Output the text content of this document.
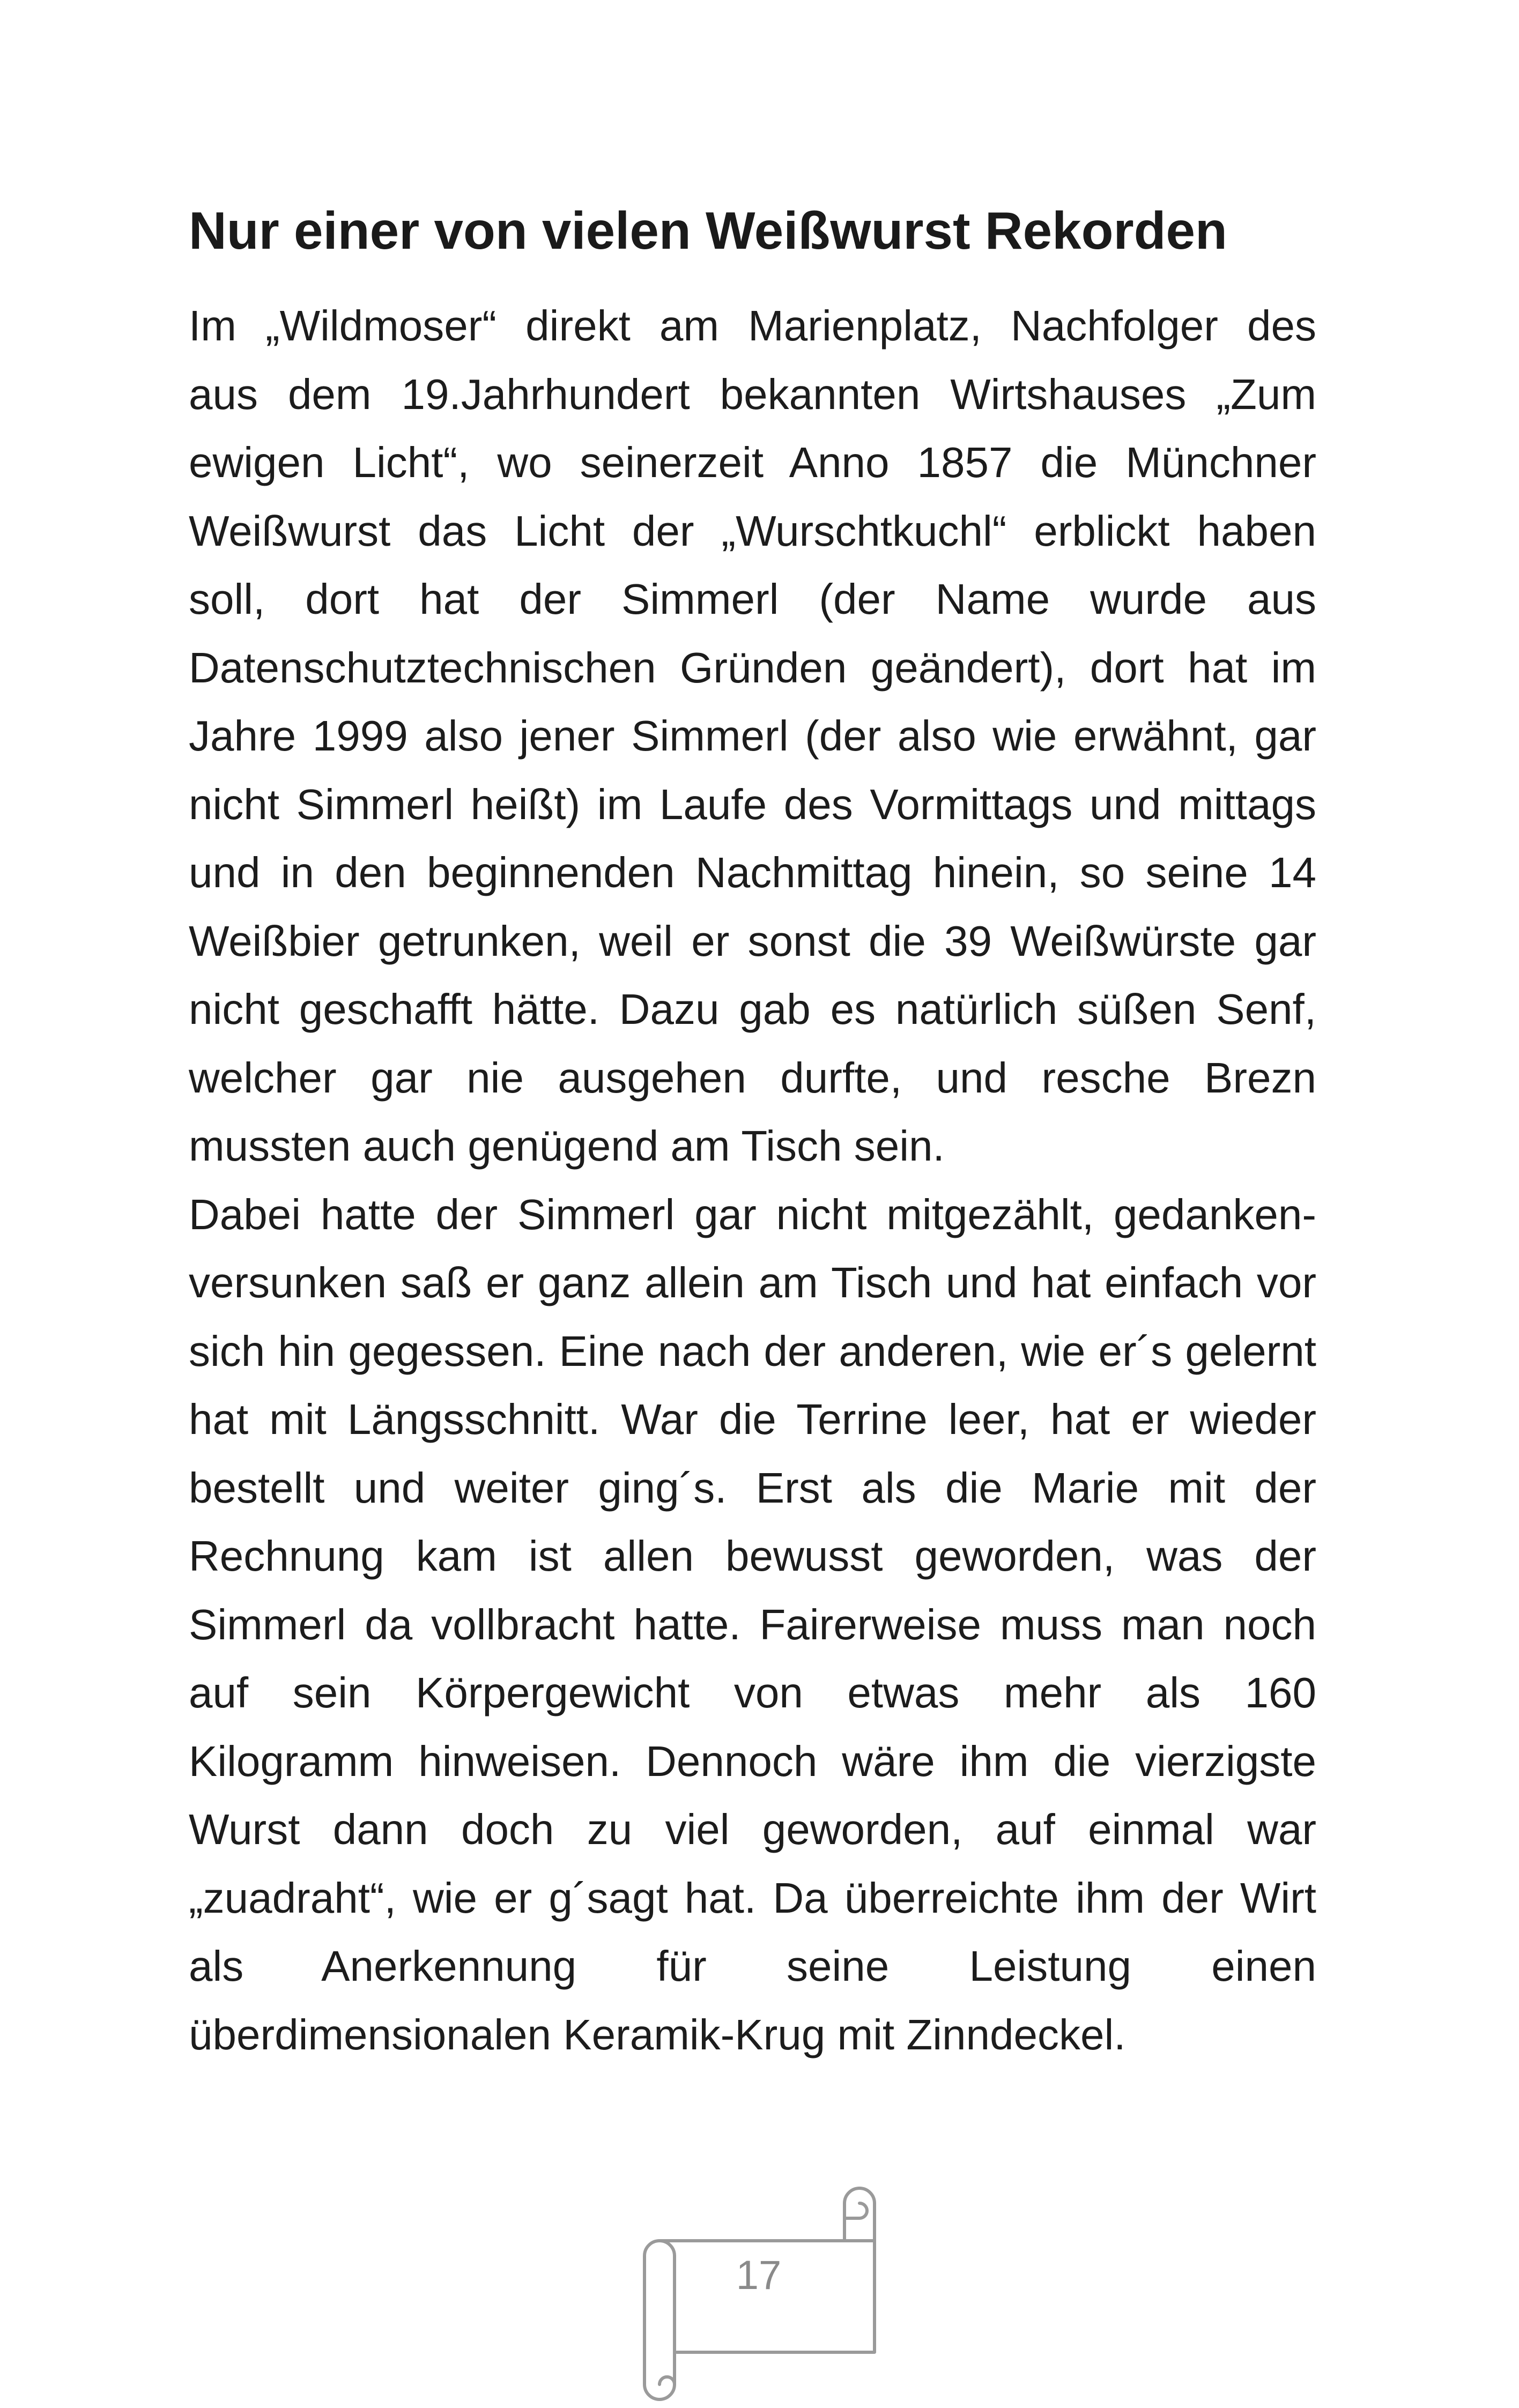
Nur einer von vielen Weißwurst Rekorden
Im „Wildmoser“ direkt am Marienplatz, Nachfolger des
aus dem 19.Jahrhundert bekannten Wirtshauses „Zum
ewigen Licht“, wo seinerzeit Anno 1857 die Münchner
Weißwurst das Licht der „Wurschtkuchl“ erblickt haben
soll, dort hat der Simmerl (der Name wurde aus
Datenschutztechnischen Gründen geändert), dort hat im
Jahre 1999 also jener Simmerl (der also wie erwähnt, gar
nicht Simmerl heißt) im Laufe des Vormittags und mittags
und in den beginnenden Nachmittag hinein, so seine 14
Weißbier getrunken, weil er sonst die 39 Weißwürste gar
nicht geschafft hätte. Dazu gab es natürlich süßen Senf,
welcher gar nie ausgehen durfte, und resche Brezn
mussten auch genügend am Tisch sein.
Dabei hatte der Simmerl gar nicht mitgezählt, gedanken-
versunken saß er ganz allein am Tisch und hat einfach vor
sich hin gegessen. Eine nach der anderen, wie er´s gelernt
hat mit Längsschnitt. War die Terrine leer, hat er wieder
bestellt und weiter ging´s. Erst als die Marie mit der
Rechnung kam ist allen bewusst geworden, was der
Simmerl da vollbracht hatte. Fairerweise muss man noch
auf sein Körpergewicht von etwas mehr als 160
Kilogramm hinweisen. Dennoch wäre ihm die vierzigste
Wurst dann doch zu viel geworden, auf einmal war
„zuadraht“, wie er g´sagt hat. Da überreichte ihm der Wirt
als Anerkennung für seine Leistung einen
überdimensionalen Keramik-Krug mit Zinndeckel.
17
